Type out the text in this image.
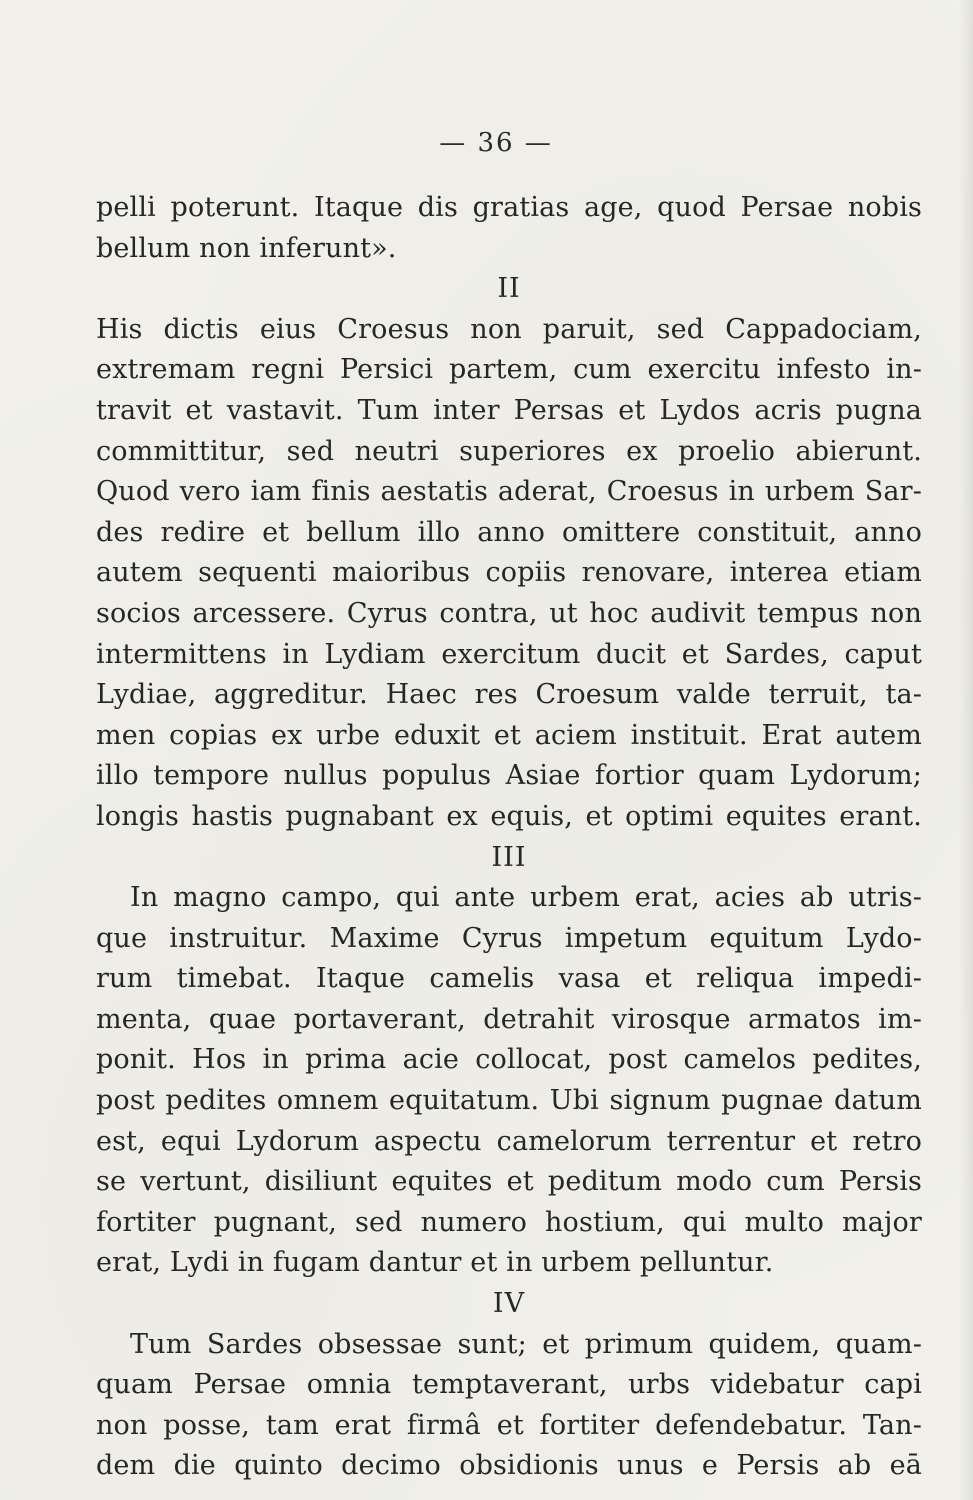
— 36 —
pelli poterunt. Itaque dis gratias age, quod Persae nobis
bellum non inferunt».
II
His dictis eius Croesus non paruit, sed Cappadociam,
extremam regni Persici partem, cum exercitu infesto in-
travit et vastavit. Tum inter Persas et Lydos acris pugna
committitur, sed neutri superiores ex proelio abierunt.
Quod vero iam finis aestatis aderat, Croesus in urbem Sar-
des redire et bellum illo anno omittere constituit, anno
autem sequenti maioribus copiis renovare, interea etiam
socios arcessere. Cyrus contra, ut hoc audivit tempus non
intermittens in Lydiam exercitum ducit et Sardes, caput
Lydiae, aggreditur. Haec res Croesum valde terruit, ta-
men copias ex urbe eduxit et aciem instituit. Erat autem
illo tempore nullus populus Asiae fortior quam Lydorum;
longis hastis pugnabant ex equis, et optimi equites erant.
III
In magno campo, qui ante urbem erat, acies ab utris-
que instruitur. Maxime Cyrus impetum equitum Lydo-
rum timebat. Itaque camelis vasa et reliqua impedi-
menta, quae portaverant, detrahit virosque armatos im-
ponit. Hos in prima acie collocat, post camelos pedites,
post pedites omnem equitatum. Ubi signum pugnae datum
est, equi Lydorum aspectu camelorum terrentur et retro
se vertunt, disiliunt equites et peditum modo cum Persis
fortiter pugnant, sed numero hostium, qui multo major
erat, Lydi in fugam dantur et in urbem pelluntur.
IV
Tum Sardes obsessae sunt; et primum quidem, quam-
quam Persae omnia temptaverant, urbs videbatur capi
non posse, tam erat firmâ et fortiter defendebatur. Tan-
dem die quinto decimo obsidionis unus e Persis ab eā
